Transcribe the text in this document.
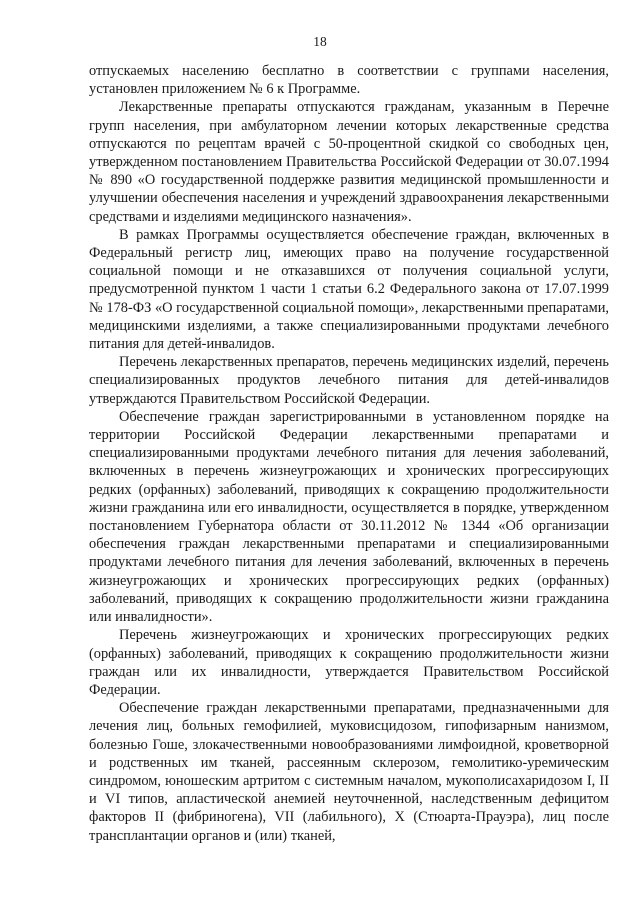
18

отпускаемых населению бесплатно в соответствии с группами населения, установлен приложением № 6 к Программе.

Лекарственные препараты отпускаются гражданам, указанным в Перечне групп населения, при амбулаторном лечении которых лекарственные средства отпускаются по рецептам врачей с 50-процентной скидкой со свободных цен, утвержденном постановлением Правительства Российской Федерации от 30.07.1994 № 890 «О государственной поддержке развития медицинской промышленности и улучшении обеспечения населения и учреждений здравоохранения лекарственными средствами и изделиями медицинского назначения».

В рамках Программы осуществляется обеспечение граждан, включенных в Федеральный регистр лиц, имеющих право на получение государственной социальной помощи и не отказавшихся от получения социальной услуги, предусмотренной пунктом 1 части 1 статьи 6.2 Федерального закона от 17.07.1999 № 178-ФЗ «О государственной социальной помощи», лекарственными препаратами, медицинскими изделиями, а также специализированными продуктами лечебного питания для детей-инвалидов.

Перечень лекарственных препаратов, перечень медицинских изделий, перечень специализированных продуктов лечебного питания для детей-инвалидов утверждаются Правительством Российской Федерации.

Обеспечение граждан зарегистрированными в установленном порядке на территории Российской Федерации лекарственными препаратами и специализированными продуктами лечебного питания для лечения заболеваний, включенных в перечень жизнеугрожающих и хронических прогрессирующих редких (орфанных) заболеваний, приводящих к сокращению продолжительности жизни гражданина или его инвалидности, осуществляется в порядке, утвержденном постановлением Губернатора области от 30.11.2012 № 1344 «Об организации обеспечения граждан лекарственными препаратами и специализированными продуктами лечебного питания для лечения заболеваний, включенных в перечень жизнеугрожающих и хронических прогрессирующих редких (орфанных) заболеваний, приводящих к сокращению продолжительности жизни гражданина или инвалидности».

Перечень жизнеугрожающих и хронических прогрессирующих редких (орфанных) заболеваний, приводящих к сокращению продолжительности жизни граждан или их инвалидности, утверждается Правительством Российской Федерации.

Обеспечение граждан лекарственными препаратами, предназначенными для лечения лиц, больных гемофилией, муковисцидозом, гипофизарным нанизмом, болезнью Гоше, злокачественными новообразованиями лимфоидной, кроветворной и родственных им тканей, рассеянным склерозом, гемолитико-уремическим синдромом, юношеским артритом с системным началом, мукополисахаридозом I, II и VI типов, апластической анемией неуточненной, наследственным дефицитом факторов II (фибриногена), VII (лабильного), X (Стюарта-Прауэра), лиц после трансплантации органов и (или) тканей,
